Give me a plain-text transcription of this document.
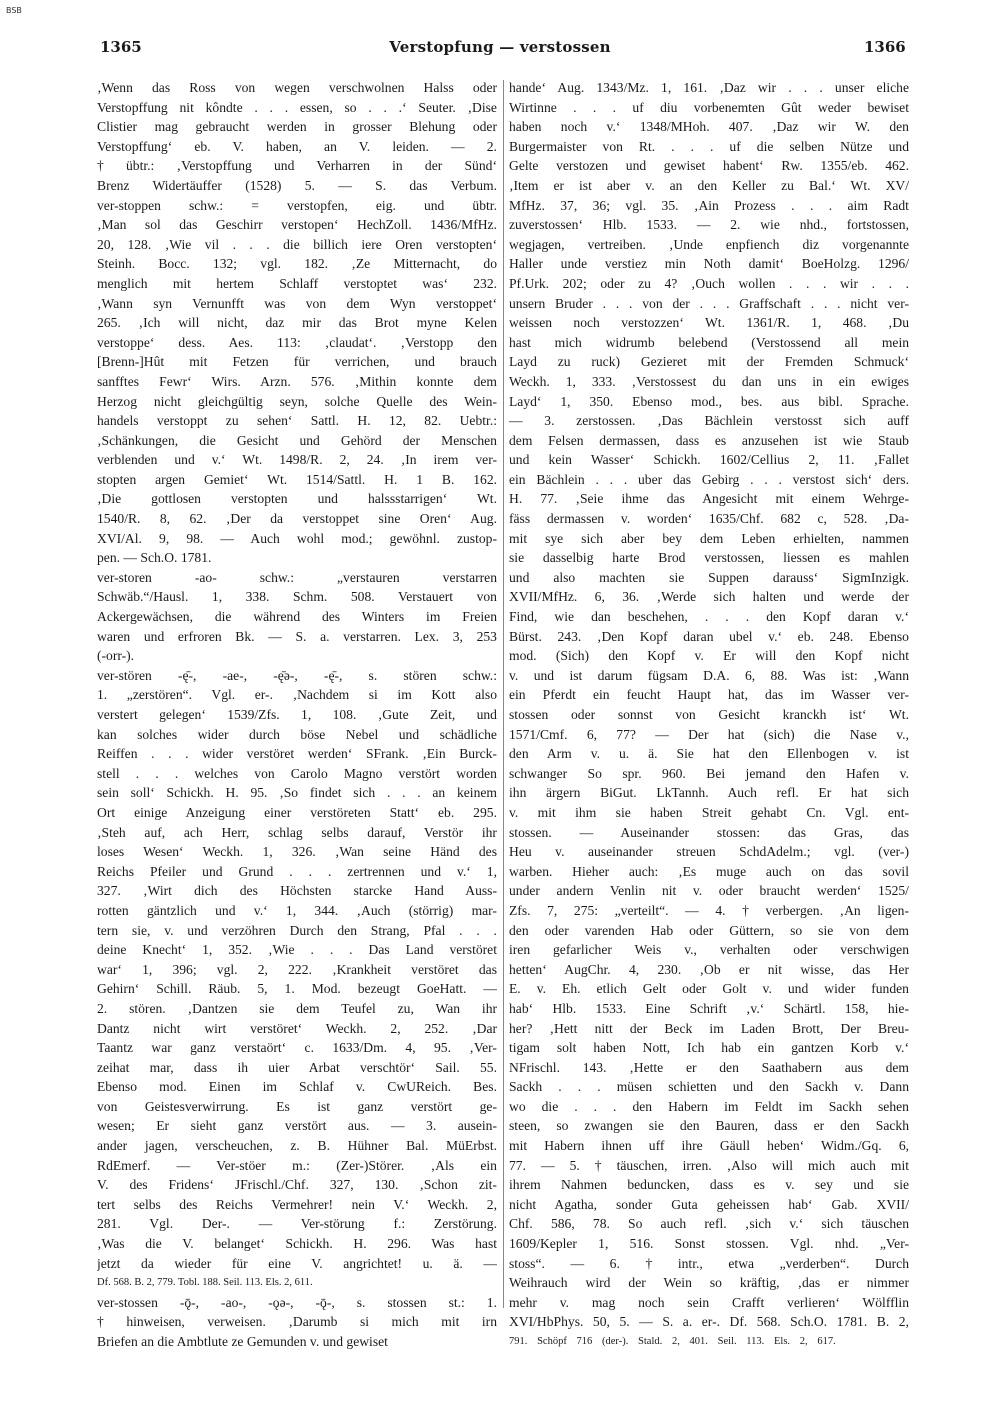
BSB
1365	Verstopfung — verstossen	1366
‚Wenn das Ross von wegen verschwolnen Halss oder
Verstopffung nit kôndte . . . essen, so . . .‘ Seuter. ‚Dise
Clistier mag gebraucht werden in grosser Blehung oder
Verstopffung‘ eb. V. haben, an V. leiden. — 2.
† übtr.: ‚Verstopffung und Verharren in der Sünd‘
Brenz Widertäuffer (1528) 5. — S. das Verbum.
ver-stoppen schw.: = verstopfen, eig. und übtr.
‚Man sol das Geschirr verstopen‘ HechZoll. 1436/MfHz.
20, 128. ‚Wie vil . . . die billich iere Oren verstopten‘
Steinh. Bocc. 132; vgl. 182. ‚Ze Mitternacht, do
menglich mit hertem Schlaff verstoptet was‘ 232.
‚Wann syn Vernunfft was von dem Wyn verstoppet‘
265. ‚Ich will nicht, daz mir das Brot myne Kelen
verstoppe‘ dess. Aes. 113: ‚claudat‘. ‚Verstopp den
[Brenn-]Hût mit Fetzen für verrichen, und brauch
sanfftes Fewr‘ Wirs. Arzn. 576. ‚Mithin konnte dem
Herzog nicht gleichgültig seyn, solche Quelle des Wein-
handels verstoppt zu sehen‘ Sattl. H. 12, 82. Uebtr.:
‚Schänkungen, die Gesicht und Gehörd der Menschen
verblenden und v.‘ Wt. 1498/R. 2, 24. ‚In irem ver-
stopten argen Gemiet‘ Wt. 1514/Sattl. H. 1 B. 162.
‚Die gottlosen verstopten und halssstarrigen‘ Wt.
1540/R. 8, 62. ‚Der da verstoppet sine Oren‘ Aug.
XVI/Al. 9, 98. — Auch wohl mod.; gewöhnl. zustop-
pen. — Sch.O. 1781.
ver-storen -ao- schw.: „verstauren verstarren
Schwäb.“/Hausl. 1, 338. Schm. 508. Verstauert von
Ackergewächsen, die während des Winters im Freien
waren und erfroren Bk. — S. a. verstarren. Lex. 3, 253
(-orr-).
ver-stören -ę̄-, -ae-, -ę̄ə-, -ę̄-, s. stören schw.:
1. „zerstören“. Vgl. er-. ‚Nachdem si im Kott also
verstert gelegen‘ 1539/Zfs. 1, 108. ‚Gute Zeit, und
kan solches wider durch böse Nebel und schädliche
Reiffen . . . wider verstöret werden‘ SFrank. ‚Ein Burck-
stell . . . welches von Carolo Magno verstört worden
sein soll‘ Schickh. H. 95. ‚So findet sich . . . an keinem
Ort einige Anzeigung einer verstöreten Statt‘ eb. 295.
‚Steh auf, ach Herr, schlag selbs darauf, Verstör ihr
loses Wesen‘ Weckh. 1, 326. ‚Wan seine Händ des
Reichs Pfeiler und Grund . . . zertrennen und v.‘ 1,
327. ‚Wirt dich des Höchsten starcke Hand Auss-
rotten gäntzlich und v.‘ 1, 344. ‚Auch (störrig) mar-
tern sie, v. und verzöhren Durch den Strang, Pfal . . .
deine Knecht‘ 1, 352. ‚Wie . . . Das Land verstöret
war‘ 1, 396; vgl. 2, 222. ‚Krankheit verstöret das
Gehirn‘ Schill. Räub. 5, 1. Mod. bezeugt GoeHatt. —
2. stören. ‚Dantzen sie dem Teufel zu, Wan ihr
Dantz nicht wirt verstöret‘ Weckh. 2, 252. ‚Dar
Taantz war ganz verstaört‘ c. 1633/Dm. 4, 95. ‚Ver-
zeihat mar, dass ih uier Arbat verschtör‘ Sail. 55.
Ebenso mod. Einen im Schlaf v. CwUReich. Bes.
von Geistesverwirrung. Es ist ganz verstört ge-
wesen; Er sieht ganz verstört aus. — 3. ausein-
ander jagen, verscheuchen, z. B. Hühner Bal. MüErbst.
RdEmerf. — Ver-stöer m.: (Zer-)Störer. ‚Als ein
V. des Fridens‘ JFrischl./Chf. 327, 130. ‚Schon zit-
tert selbs des Reichs Vermehrer! nein V.‘ Weckh. 2,
281. Vgl. Der-. — Ver-störung f.: Zerstörung.
‚Was die V. belanget‘ Schickh. H. 296. Was hast
jetzt da wieder für eine V. angrichtet! u. ä. —
Df. 568. B. 2, 779. Tobl. 188. Seil. 113. Els. 2, 611.
ver-stossen -ǭ-, -ao-, -ǫə-, -ǭ-, s. stossen st.: 1.
† hinweisen, verweisen. ‚Darumb si mich mit irn
Briefen an die Ambtlute ze Gemunden v. und gewiset
hande‘ Aug. 1343/Mz. 1, 161. ‚Daz wir . . . unser eliche
Wirtinne . . . uf diu vorbenemten Gût weder bewiset
haben noch v.‘ 1348/MHoh. 407. ‚Daz wir W. den
Burgermaister von Rt. . . . uf die selben Nütze und
Gelte verstozen und gewiset habent‘ Rw. 1355/eb. 462.
‚Item er ist aber v. an den Keller zu Bal.‘ Wt. XV/
MfHz. 37, 36; vgl. 35. ‚Ain Prozess . . . aim Radt
zuverstossen‘ Hlb. 1533. — 2. wie nhd., fortstossen,
wegjagen, vertreiben. ‚Unde enpfiench diz vorgenannte
Haller unde verstiez min Noth damit‘ BoeHolzg. 1296/
Pf.Urk. 202; oder zu 4? ‚Ouch wollen . . . wir . . .
unsern Bruder . . . von der . . . Graffschaft . . . nicht ver-
weissen noch verstozzen‘ Wt. 1361/R. 1, 468. ‚Du
hast mich widrumb belebend (Verstossend all mein
Layd zu ruck) Gezieret mit der Fremden Schmuck‘
Weckh. 1, 333. ‚Verstossest du dan uns in ein ewiges
Layd‘ 1, 350. Ebenso mod., bes. aus bibl. Sprache.
— 3. zerstossen. ‚Das Bächlein verstosst sich auff
dem Felsen dermassen, dass es anzusehen ist wie Staub
und kein Wasser‘ Schickh. 1602/Cellius 2, 11. ‚Fallet
ein Bächlein . . . uber das Gebirg . . . verstost sich‘ ders.
H. 77. ‚Seie ihme das Angesicht mit einem Wehrge-
fäss dermassen v. worden‘ 1635/Chf. 682 c, 528. ‚Da-
mit sye sich aber bey dem Leben erhielten, nammen
sie dasselbig harte Brod verstossen, liessen es mahlen
und also machten sie Suppen darauss‘ SigmInzigk.
XVII/MfHz. 6, 36. ‚Werde sich halten und werde der
Find, wie dan beschehen, . . . den Kopf daran v.‘
Bürst. 243. ‚Den Kopf daran ubel v.‘ eb. 248. Ebenso
mod. (Sich) den Kopf v. Er will den Kopf nicht
v. und ist darum fügsam D.A. 6, 88. Was ist: ‚Wann
ein Pferdt ein feucht Haupt hat, das im Wasser ver-
stossen oder sonnst von Gesicht kranckh ist‘ Wt.
1571/Cmf. 6, 77? — Der hat (sich) die Nase v.,
den Arm v. u. ä. Sie hat den Ellenbogen v. ist
schwanger So spr. 960. Bei jemand den Hafen v.
ihn ärgern BiGut. LkTannh. Auch refl. Er hat sich
v. mit ihm sie haben Streit gehabt Cn. Vgl. ent-
stossen. — Auseinander stossen: das Gras, das
Heu v. auseinander streuen SchdAdelm.; vgl. (ver-)
warben. Hieher auch: ‚Es muge auch on das sovil
under andern Venlin nit v. oder braucht werden‘ 1525/
Zfs. 7, 275: „verteilt“. — 4. † verbergen. ‚An ligen-
den oder varenden Hab oder Güttern, so sie von dem
iren gefarlicher Weis v., verhalten oder verschwigen
hetten‘ AugChr. 4, 230. ‚Ob er nit wisse, das Her
E. v. Eh. etlich Gelt oder Golt v. und wider funden
hab‘ Hlb. 1533. Eine Schrift ‚v.‘ Schärtl. 158, hie-
her? ‚Hett nitt der Beck im Laden Brott, Der Breu-
tigam solt haben Nott, Ich hab ein gantzen Korb v.‘
NFrischl. 143. ‚Hette er den Saathabern aus dem
Sackh . . . müsen schietten und den Sackh v. Dann
wo die . . . den Habern im Feldt im Sackh sehen
steen, so zwangen sie den Bauren, dass er den Sackh
mit Habern ihnen uff ihre Gäull heben‘ Widm./Gq. 6,
77. — 5. † täuschen, irren. ‚Also will mich auch mit
ihrem Nahmen beduncken, dass es v. sey und sie
nicht Agatha, sonder Guta geheissen hab‘ Gab. XVII/
Chf. 586, 78. So auch refl. ‚sich v.‘ sich täuschen
1609/Kepler 1, 516. Sonst stossen. Vgl. nhd. „Ver-
stoss“. — 6. † intr., etwa „verderben“. Durch
Weihrauch wird der Wein so kräftig, ‚das er nimmer
mehr v. mag noch sein Crafft verlieren‘ Wölfflin
XVI/HbPhys. 50, 5. — S. a. er-. Df. 568. Sch.O. 1781. B. 2,
791. Schöpf 716 (der-). Stald. 2, 401. Seil. 113. Els. 2, 617.
